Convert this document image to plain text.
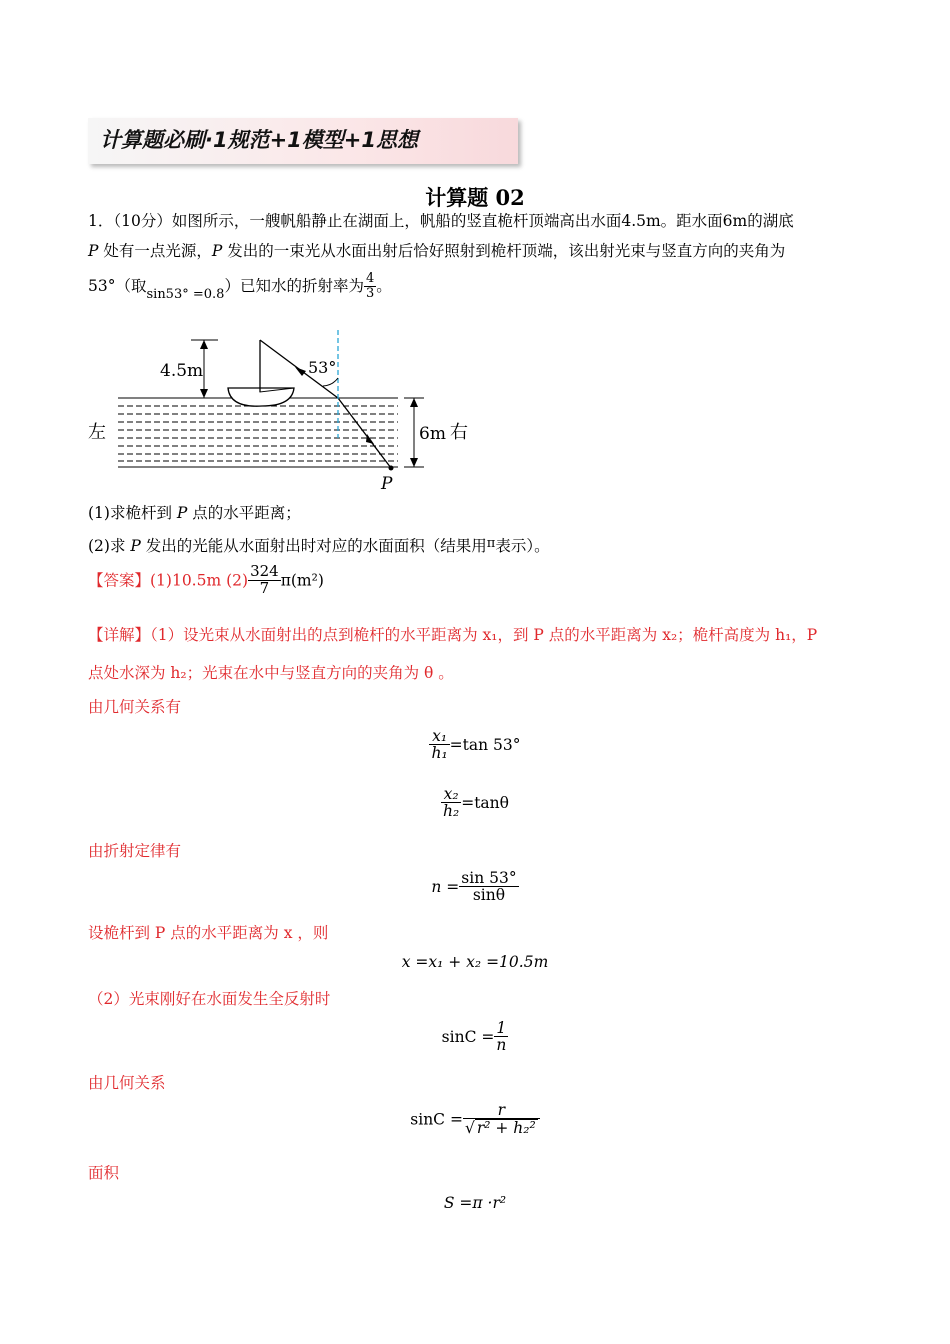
计算题必刷·1规范+1模型+1思想
计算题 02
1．（10分）如图所示，一艘帆船静止在湖面上，帆船的竖直桅杆顶端高出水面4.5m。距水面6m的湖底
P 处有一点光源，P 发出的一束光从水面出射后恰好照射到桅杆顶端，该出射光束与竖直方向的夹角为
53°（取$_{sin53^\circ =0.8}$）已知水的折射率为 $\frac{4}{3}$ 。
4.5m	53°
左	6m 右
P
(1)求桅杆到 P 点的水平距离；
(2)求 P 发出的光能从水面射出时对应的水面面积（结果用$^\pi$表示）。
【答案】(1)10.5m $(2) \frac{324}{7} \pi(m^2)$
【详解】（1）设光束从水面射出的点到桅杆的水平距离为 x₁，到 P 点的水平距离为 x₂；桅杆高度为 h₁，P
点处水深为 h₂；光束在水中与竖直方向的夹角为 θ 。
由几何关系有
$\frac{\text{x₁}}{\text{h₁}} =\tan$ 53°
$\frac{\text{x₂}}{\text{h₂}} =\tan\theta$
由折射定律有
$n = \frac{\sin 53^\circ}{\sin\theta}$
设桅杆到 P 点的水平距离为 x ，则
x =x₁ + x₂ =10.5m
（2）光束刚好在水面发生全反射时
$\sin C = \frac{1}{n}$
由几何关系
$\sin C = \frac{r}{\text{√ r² + h₂²}}$
面积
S =π ·r²
